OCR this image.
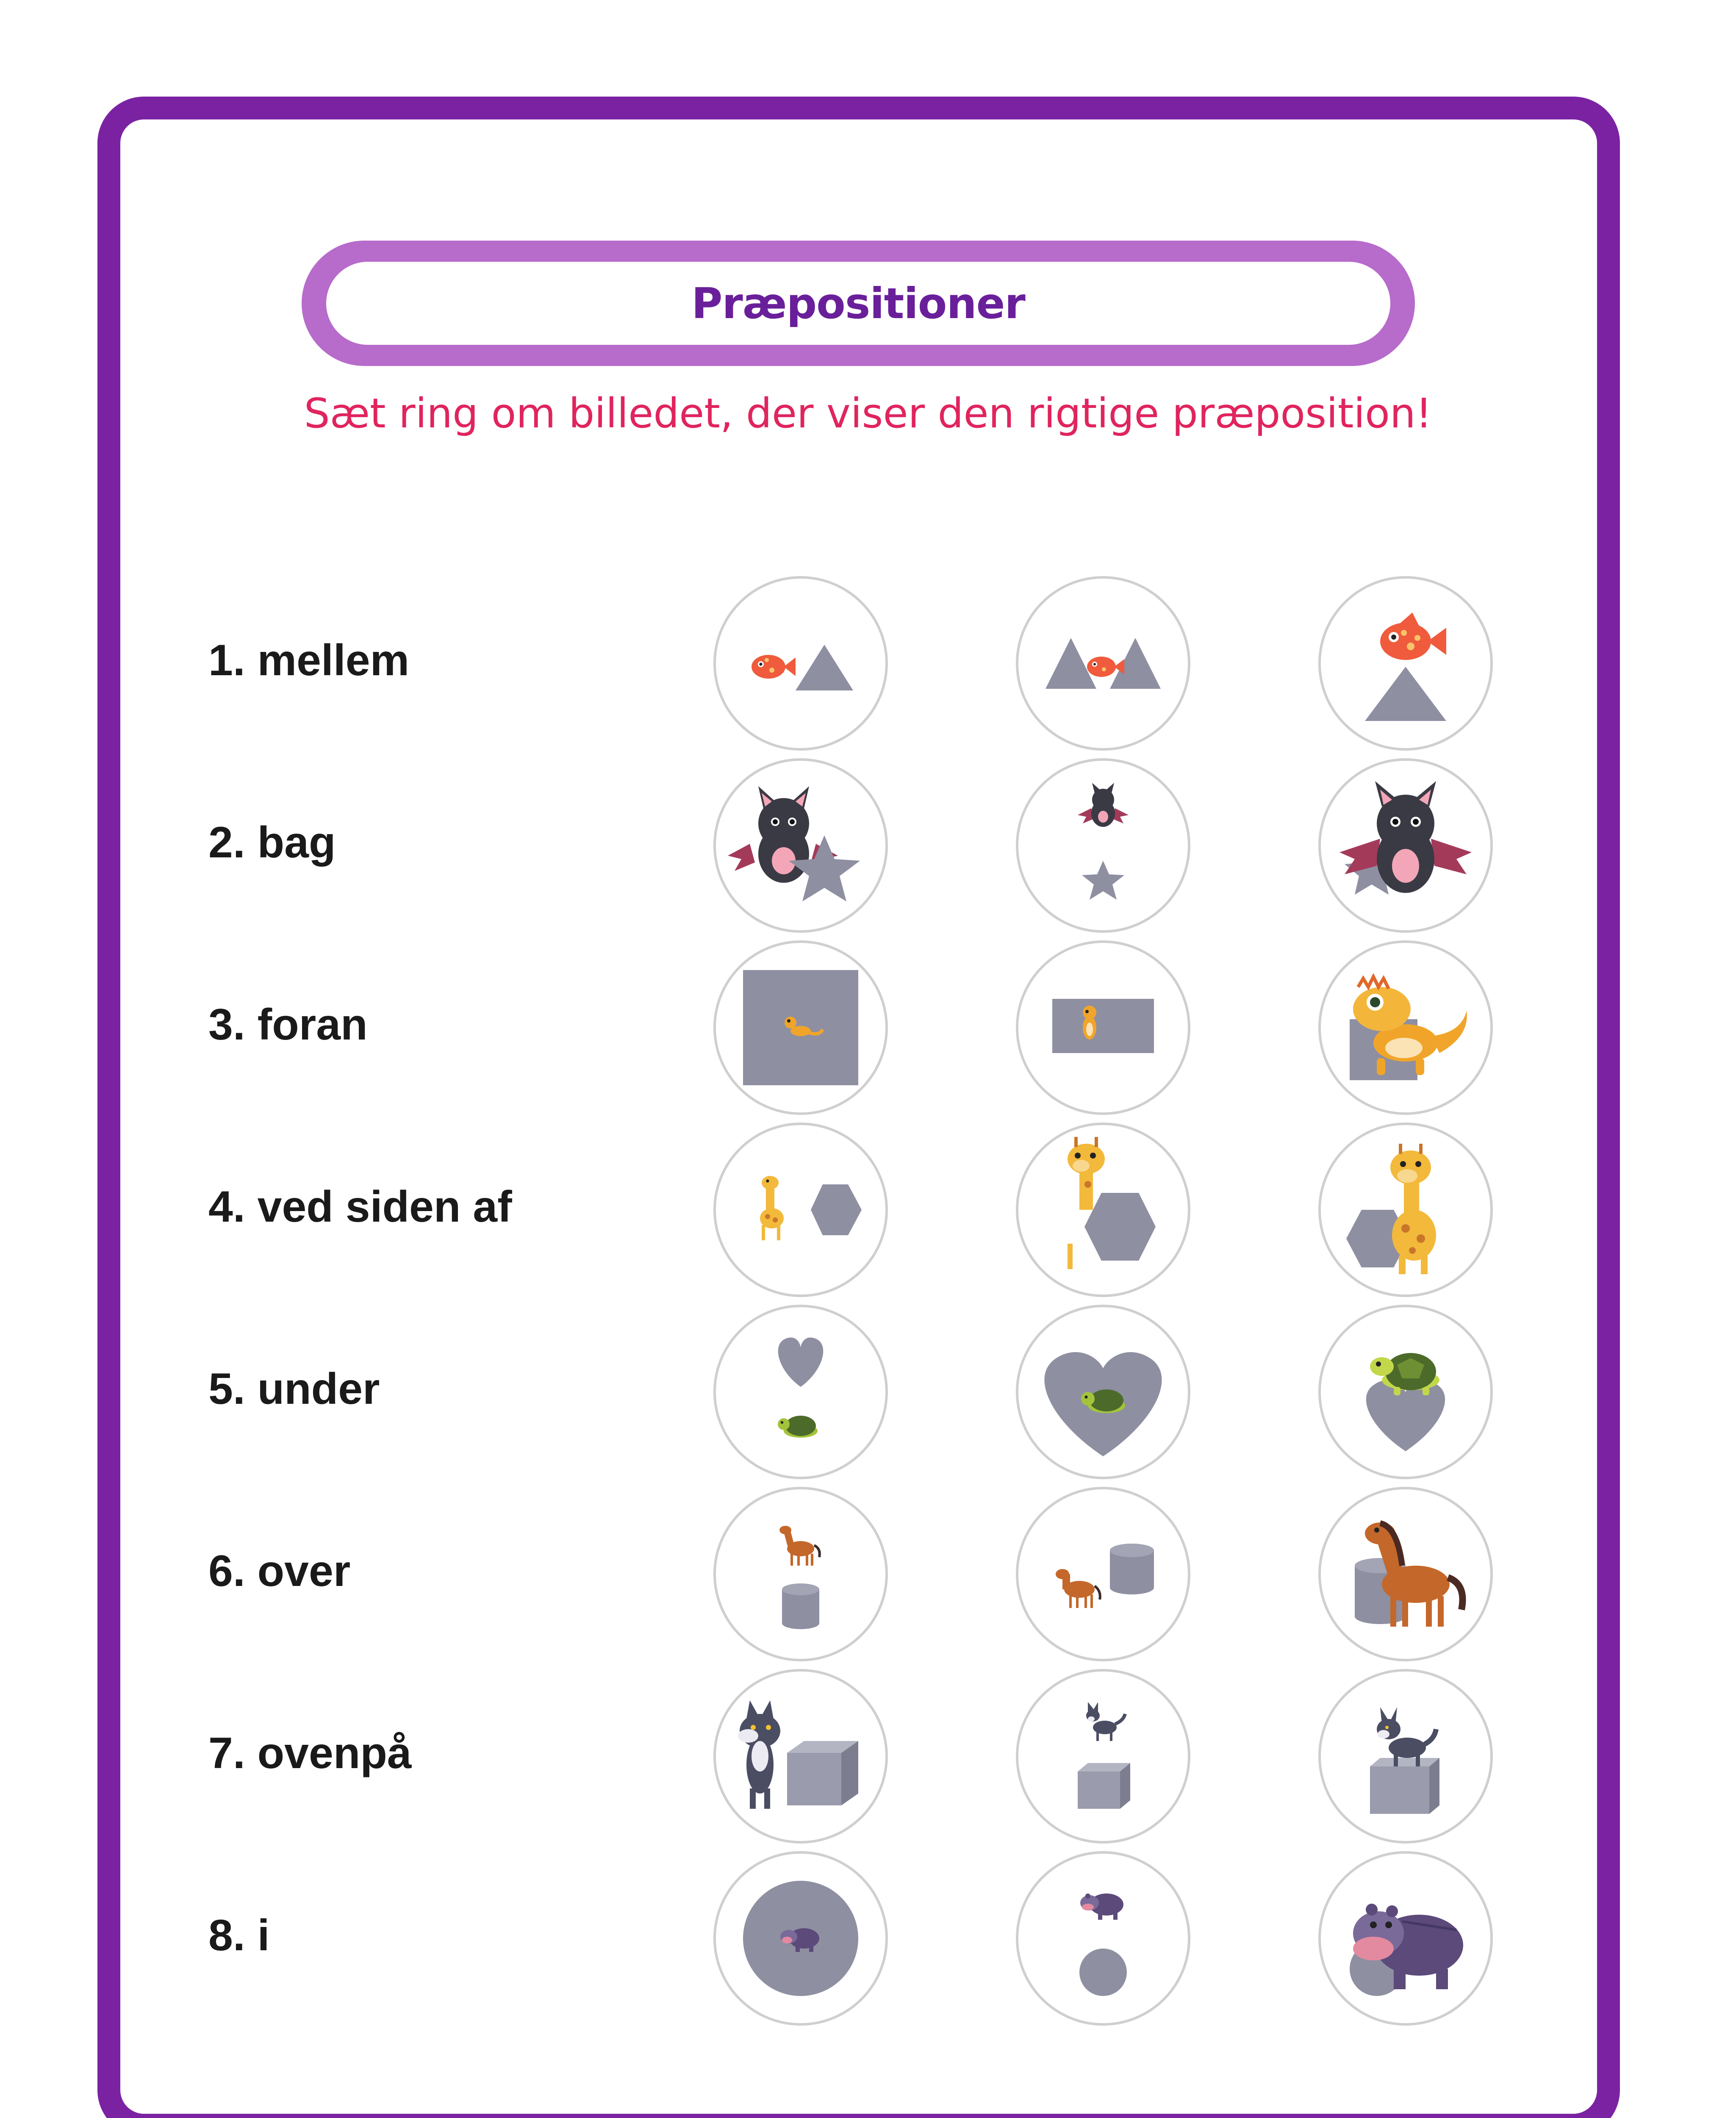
Præpositioner
Sæt ring om billedet, der viser den rigtige præposition!
1. mellem
2. bag
3. foran
4. ved siden af
5. under
6. over
7. ovenpå
8. i
